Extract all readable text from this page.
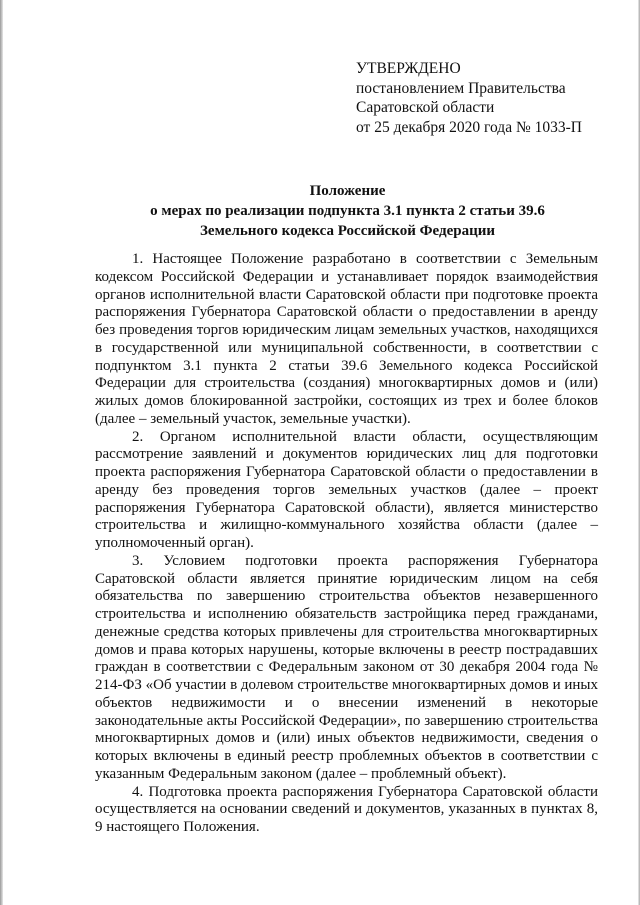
УТВЕРЖДЕНО
постановлением Правительства
Саратовской области
от 25 декабря 2020 года № 1033-П
Положение
о мерах по реализации подпункта 3.1 пункта 2 статьи 39.6
Земельного кодекса Российской Федерации

1. Настоящее Положение разработано в соответствии с Земельным кодексом Российской Федерации и устанавливает порядок взаимодействия органов исполнительной власти Саратовской области при подготовке проекта распоряжения Губернатора Саратовской области о предоставлении в аренду без проведения торгов юридическим лицам земельных участков, находящихся в государственной или муниципальной собственности, в соответствии с подпунктом 3.1 пункта 2 статьи 39.6 Земельного кодекса Российской Федерации для строительства (создания) многоквартирных домов и (или) жилых домов блокированной застройки, состоящих из трех и более блоков (далее – земельный участок, земельные участки).

2. Органом исполнительной власти области, осуществляющим рассмотрение заявлений и документов юридических лиц для подготовки проекта распоряжения Губернатора Саратовской области о предоставлении в аренду без проведения торгов земельных участков (далее – проект распоряжения Губернатора Саратовской области), является министерство строительства и жилищно-коммунального хозяйства области (далее – уполномоченный орган).

3. Условием подготовки проекта распоряжения Губернатора Саратовской области является принятие юридическим лицом на себя обязательства по завершению строительства объектов незавершенного строительства и исполнению обязательств застройщика перед гражданами, денежные средства которых привлечены для строительства многоквартирных домов и права которых нарушены, которые включены в реестр пострадавших граждан в соответствии с Федеральным законом от 30 декабря 2004 года № 214-ФЗ «Об участии в долевом строительстве многоквартирных домов и иных объектов недвижимости и о внесении изменений в некоторые законодательные акты Российской Федерации», по завершению строительства многоквартирных домов и (или) иных объектов недвижимости, сведения о которых включены в единый реестр проблемных объектов в соответствии с указанным Федеральным законом (далее – проблемный объект).

4. Подготовка проекта распоряжения Губернатора Саратовской области осуществляется на основании сведений и документов, указанных в пунктах 8, 9 настоящего Положения.
